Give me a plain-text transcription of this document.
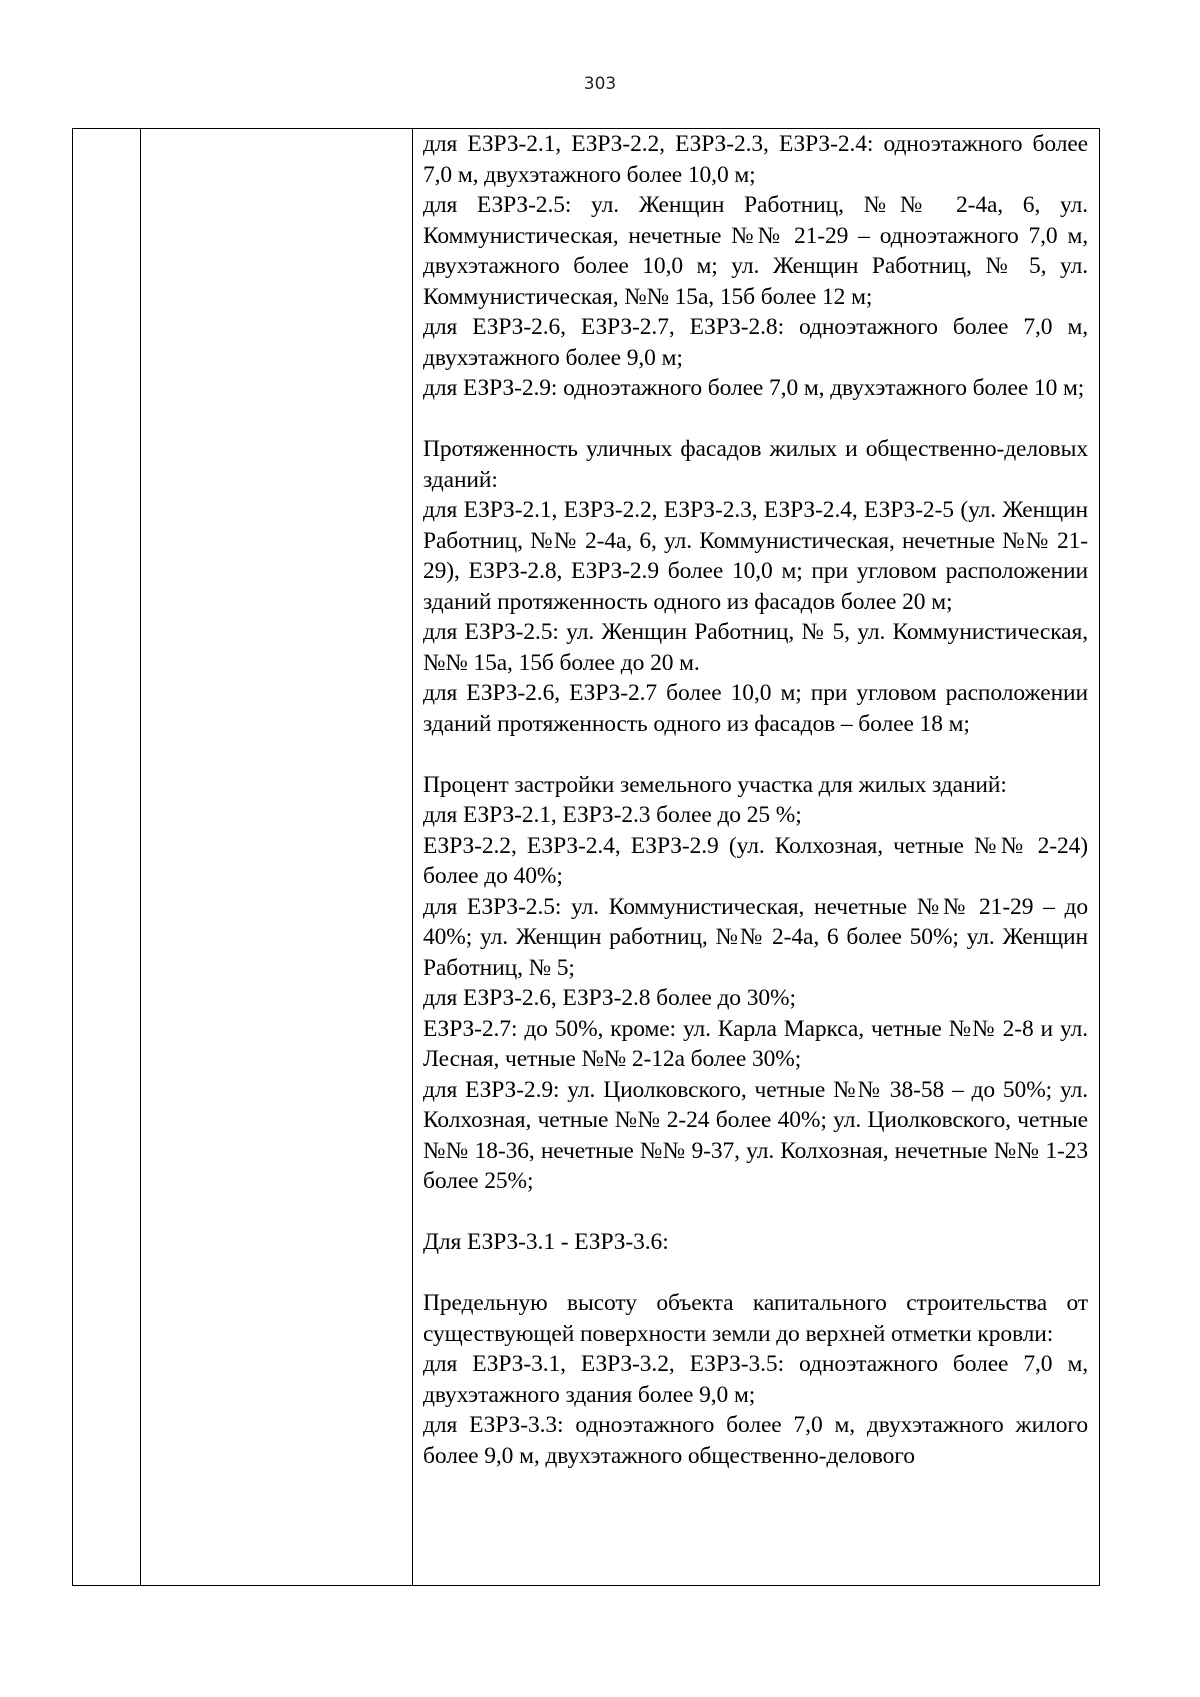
303

для ЕЗРЗ-2.1, ЕЗРЗ-2.2, ЕЗРЗ-2.3, ЕЗРЗ-2.4: одноэтажного более 7,0 м, двухэтажного более 10,0 м;

для ЕЗРЗ-2.5: ул. Женщин Работниц, №№ 2-4а, 6, ул. Коммунистическая, нечетные №№ 21-29 – одноэтажного 7,0 м, двухэтажного более 10,0 м; ул. Женщин Работниц, № 5, ул. Коммунистическая, №№ 15а, 15б более 12 м;

для ЕЗРЗ-2.6, ЕЗРЗ-2.7, ЕЗРЗ-2.8: одноэтажного более 7,0 м, двухэтажного более 9,0 м;

для ЕЗРЗ-2.9: одноэтажного более 7,0 м, двухэтажного более 10 м;

Протяженность уличных фасадов жилых и общественно-деловых зданий:

для ЕЗРЗ-2.1, ЕЗРЗ-2.2, ЕЗРЗ-2.3, ЕЗРЗ-2.4, ЕЗРЗ-2-5 (ул. Женщин Работниц, №№ 2-4а, 6, ул. Коммунистическая, нечетные №№ 21-29), ЕЗРЗ-2.8, ЕЗРЗ-2.9 более 10,0 м; при угловом расположении зданий протяженность одного из фасадов более 20 м;

для ЕЗРЗ-2.5: ул. Женщин Работниц, № 5, ул. Коммунистическая, №№ 15а, 15б более до 20 м.

для ЕЗРЗ-2.6, ЕЗРЗ-2.7 более 10,0 м; при угловом расположении зданий протяженность одного из фасадов – более 18 м;

Процент застройки земельного участка для жилых зданий:

для ЕЗРЗ-2.1, ЕЗРЗ-2.3 более до 25 %;

ЕЗРЗ-2.2, ЕЗРЗ-2.4, ЕЗРЗ-2.9 (ул. Колхозная, четные №№ 2-24) более до 40%;

для ЕЗРЗ-2.5: ул. Коммунистическая, нечетные №№ 21-29 – до 40%; ул. Женщин работниц, №№ 2-4а, 6 более 50%; ул. Женщин Работниц, № 5;

для ЕЗРЗ-2.6, ЕЗРЗ-2.8 более до 30%;

ЕЗРЗ-2.7: до 50%, кроме: ул. Карла Маркса, четные №№ 2-8 и ул. Лесная, четные №№ 2-12а более 30%;

для ЕЗРЗ-2.9: ул. Циолковского, четные №№ 38-58 – до 50%; ул. Колхозная, четные №№ 2-24 более 40%; ул. Циолковского, четные №№ 18-36, нечетные №№ 9-37, ул. Колхозная, нечетные №№ 1-23 более 25%;

Для ЕЗРЗ-3.1 - ЕЗРЗ-3.6:

Предельную высоту объекта капитального строительства от существующей поверхности земли до верхней отметки кровли:

для ЕЗРЗ-3.1, ЕЗРЗ-3.2, ЕЗРЗ-3.5: одноэтажного более 7,0 м, двухэтажного здания более 9,0 м;

для ЕЗРЗ-3.3: одноэтажного более 7,0 м, двухэтажного жилого более 9,0 м, двухэтажного общественно-делового
